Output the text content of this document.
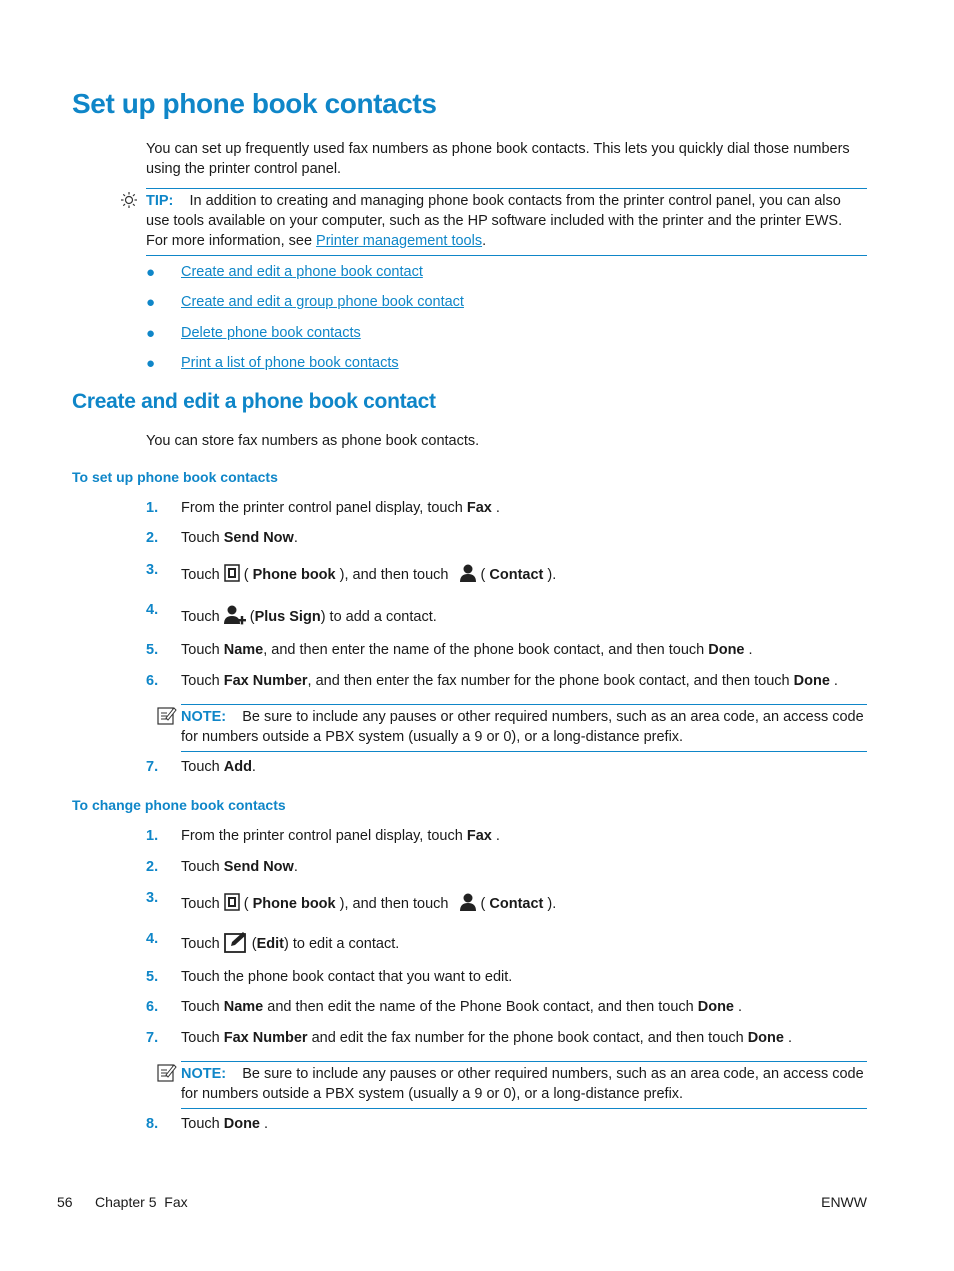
Set up phone book contacts
You can set up frequently used fax numbers as phone book contacts. This lets you quickly dial those numbers using the printer control panel.
TIP: In addition to creating and managing phone book contacts from the printer control panel, you can also use tools available on your computer, such as the HP software included with the printer and the printer EWS. For more information, see Printer management tools.
● Create and edit a phone book contact
● Create and edit a group phone book contact
● Delete phone book contacts
● Print a list of phone book contacts
Create and edit a phone book contact
You can store fax numbers as phone book contacts.
To set up phone book contacts
1. From the printer control panel display, touch Fax .
2. Touch Send Now.
3. Touch  ( Phone book ), and then touch  ( Contact ).
4. Touch  (Plus Sign) to add a contact.
5. Touch Name, and then enter the name of the phone book contact, and then touch Done .
6. Touch Fax Number, and then enter the fax number for the phone book contact, and then touch Done .
NOTE: Be sure to include any pauses or other required numbers, such as an area code, an access code for numbers outside a PBX system (usually a 9 or 0), or a long-distance prefix.
7. Touch Add.
To change phone book contacts
1. From the printer control panel display, touch Fax .
2. Touch Send Now.
3. Touch  ( Phone book ), and then touch  ( Contact ).
4. Touch  (Edit) to edit a contact.
5. Touch the phone book contact that you want to edit.
6. Touch Name and then edit the name of the Phone Book contact, and then touch Done .
7. Touch Fax Number and edit the fax number for the phone book contact, and then touch Done .
NOTE: Be sure to include any pauses or other required numbers, such as an area code, an access code for numbers outside a PBX system (usually a 9 or 0), or a long-distance prefix.
8. Touch Done .
56 Chapter 5  Fax	ENWW
